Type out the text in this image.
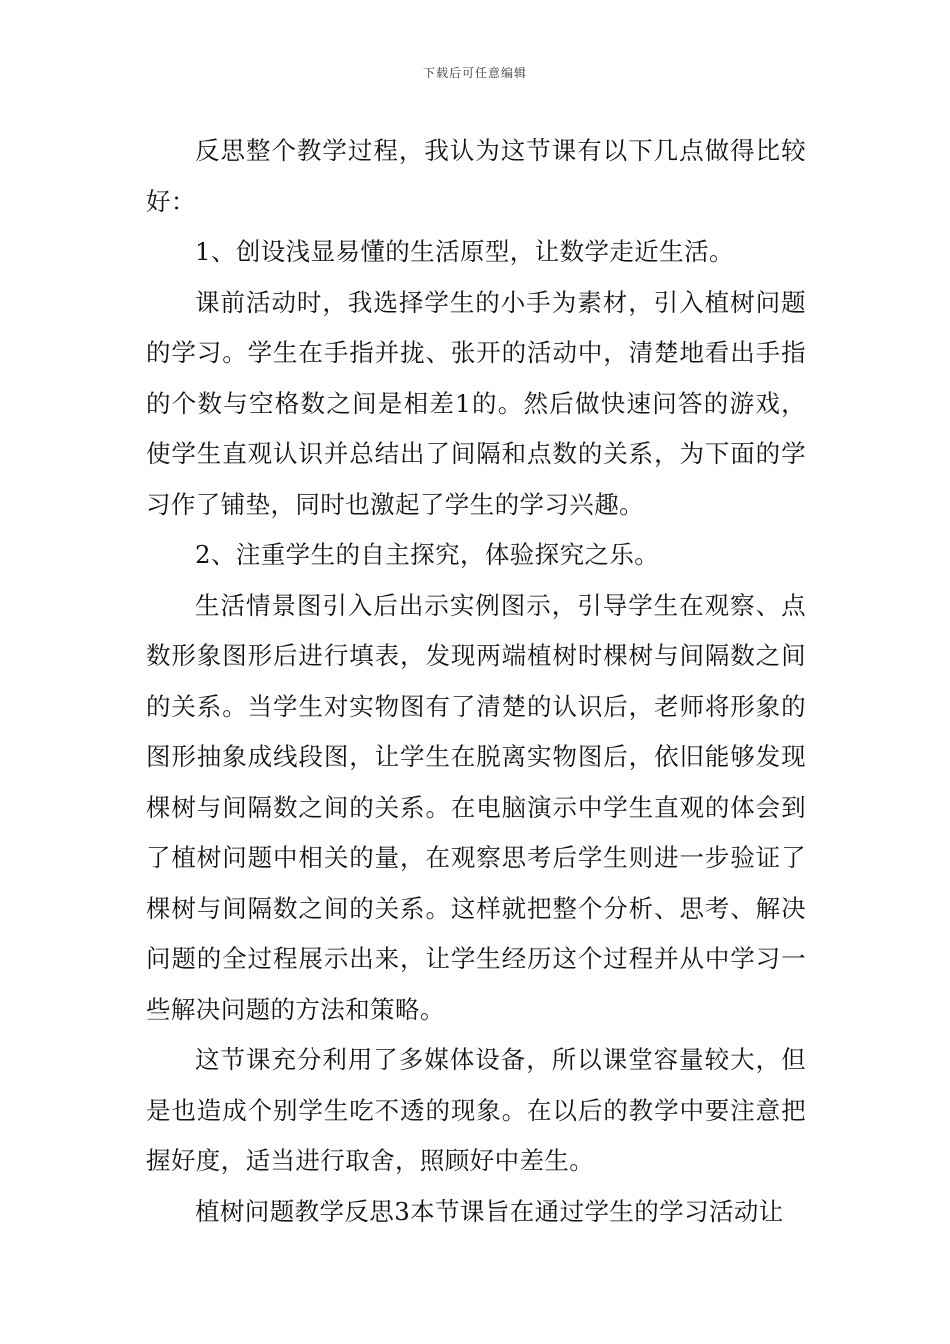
下载后可任意编辑

反思整个教学过程，我认为这节课有以下几点做得比较好：

1、创设浅显易懂的生活原型，让数学走近生活。

课前活动时，我选择学生的小手为素材，引入植树问题的学习。学生在手指并拢、张开的活动中，清楚地看出手指的个数与空格数之间是相差1的。然后做快速问答的游戏，使学生直观认识并总结出了间隔和点数的关系，为下面的学习作了铺垫，同时也激起了学生的学习兴趣。

2、注重学生的自主探究，体验探究之乐。

生活情景图引入后出示实例图示，引导学生在观察、点数形象图形后进行填表，发现两端植树时棵树与间隔数之间的关系。当学生对实物图有了清楚的认识后，老师将形象的图形抽象成线段图，让学生在脱离实物图后，依旧能够发现棵树与间隔数之间的关系。在电脑演示中学生直观的体会到了植树问题中相关的量，在观察思考后学生则进一步验证了棵树与间隔数之间的关系。这样就把整个分析、思考、解决问题的全过程展示出来，让学生经历这个过程并从中学习一些解决问题的方法和策略。

这节课充分利用了多媒体设备，所以课堂容量较大，但是也造成个别学生吃不透的现象。在以后的教学中要注意把握好度，适当进行取舍，照顾好中差生。

植树问题教学反思3本节课旨在通过学生的学习活动让
